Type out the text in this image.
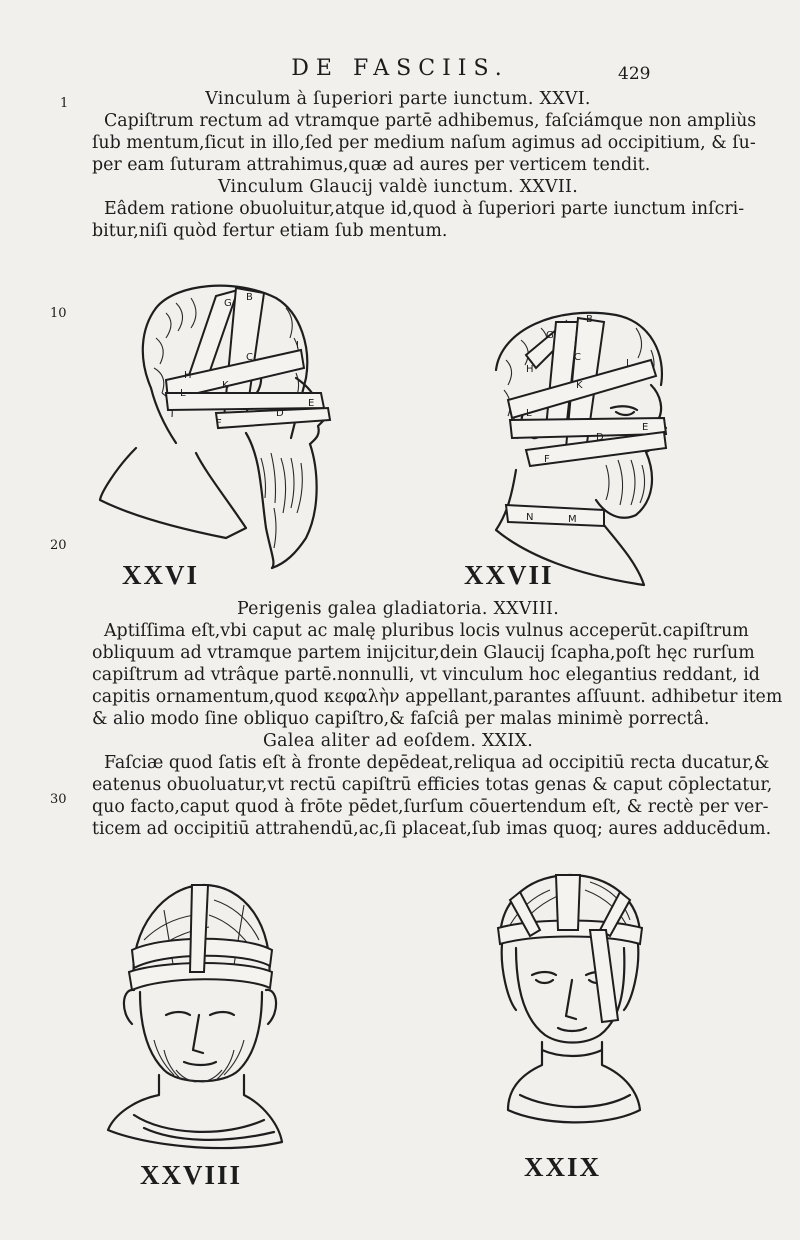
DE FASCIIS.	429
1
10
20
30
Vinculum à ſuperiori parte iunctum. XXVI.
Capiſtrum rectum ad vtramque partē adhibemus, faſciámque non ampliùs
ſub mentum,ſicut in illo,ſed per medium naſum agimus ad occipitium, & ſu-
per eam ſuturam attrahimus,quæ ad aures per verticem tendit.
Vinculum Glaucij valdè iunctum. XXVII.
Eâdem ratione obuoluitur,atque id,quod à ſuperiori parte iunctum inſcri-
bitur,niſi quòd fertur etiam ſub mentum.
G
B
I
C
H
L
K
E
F
D
XXVI
G
B
I
C
H
L
K
E
F
D
N	M
XXVII
Perigenis galea gladiatoria. XXVIII.
Aptiſſima eſt,vbi caput ac malę pluribus locis vulnus acceperūt.capiſtrum
obliquum ad vtramque partem inijcitur,dein Glaucij ſcapha,poſt hęc rurſum
capiſtrum ad vtrâque partē.nonnulli, vt vinculum hoc elegantius reddant, id
capitis ornamentum,quod κεφαλὴν appellant,parantes aſſuunt. adhibetur item
& alio modo ſine obliquo capiſtro,& faſciâ per malas minimè porrectâ.
Galea aliter ad eoſdem. XXIX.
Faſciæ quod ſatis eſt à fronte depēdeat,reliqua ad occipitiū recta ducatur,&
eatenus obuoluatur,vt rectū capiſtrū efficies totas genas & caput cōplectatur,
quo facto,caput quod à frōte pēdet,ſurſum cōuertendum eſt, & rectè per ver-
ticem ad occipitiū attrahendū,ac,ſi placeat,ſub imas quoq; aures adducēdum.
XXVIII	XXIX
